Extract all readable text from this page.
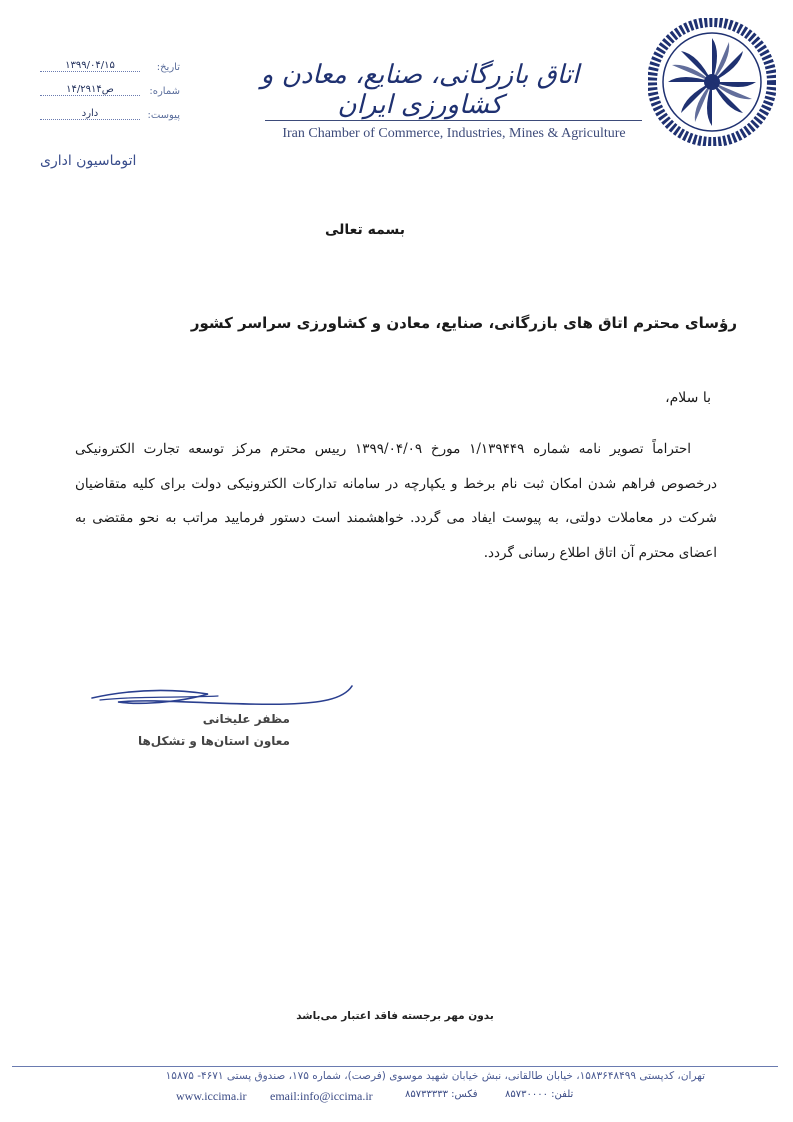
۱۳۹۹/۰۴/۱۵	تاریخ:
۱۴/۲۹۱۴ص	شماره:
دارد	پیوست:
اتوماسیون اداری
اتاق بازرگانی، صنایع، معادن و کشاورزی ایران
Iran Chamber of Commerce, Industries, Mines & Agriculture
بسمه تعالی
رؤسای محترم اتاق های بازرگانی، صنایع، معادن و کشاورزی سراسر کشور
با سلام،
احتراماً تصویر نامه شماره ۱/۱۳۹۴۴۹ مورخ ۱۳۹۹/۰۴/۰۹ رییس محترم مرکز توسعه تجارت الکترونیکی درخصوص فراهم شدن امکان ثبت نام برخط و یکپارچه در سامانه تدارکات الکترونیکی دولت برای کلیه متقاضیان شرکت در معاملات دولتی، به پیوست ایفاد می گردد. خواهشمند است دستور فرمایید مراتب به نحو مقتضی به اعضای محترم آن اتاق اطلاع رسانی گردد.
مظفر علیخانی
معاون استان‌ها و تشکل‌ها
بدون مهر برجسته فاقد اعتبار می‌باشد
تهران، کدپستی ۱۵۸۳۶۴۸۴۹۹، خیابان طالقانی، نبش خیابان شهید موسوی (فرصت)، شماره ۱۷۵، صندوق پستی ۴۶۷۱- ۱۵۸۷۵
www.iccima.ir email:info@iccima.ir	فکس: ۸۵۷۳۳۳۳۳	تلفن: ۸۵۷۳۰۰۰۰
